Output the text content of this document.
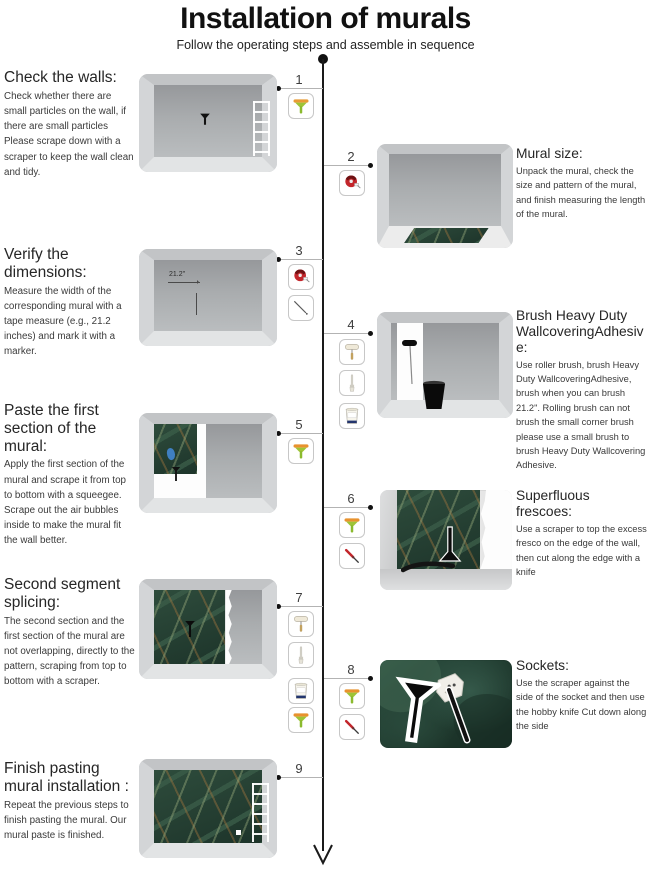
Installation of murals
Follow the operating steps and assemble in sequence
Check the walls:

Check whether there are small particles on the wall, if there are small particles Please scrape down with a scraper to keep the wall clean and tidy.

1
2	Mural size:

Unpack the mural, check the size and pattern of the mural, and finish measuring the length of the mural.

Verify the dimensions:

Measure the width of the corresponding mural with a tape measure (e.g., 21.2 inches) and mark it with a marker.

3
21.2"
4
Brush Heavy Duty WallcoveringAdhesive:

Use roller brush, brush Heavy Duty WallcoveringAdhesive, brush when you can brush 21.2". Rolling brush can not brush the small corner brush please use a small brush to brush Heavy Duty Wallcovering Adhesive.

Paste the first section of the mural:

Apply the first section of the mural and scrape it from top to bottom with a squeegee. Scrape out the air bubbles inside to make the mural fit the wall better.

5
6	Superfluous frescoes:

Use a scraper to top the excess fresco on the edge of the wall, then cut along the edge with a knife

Second segment splicing:

The second section and the first section of the mural are not overlapping, directly to the pattern, scraping from top to bottom with a scraper.

7
8	Sockets:

Use the scraper against the side of the socket and then use the hobby knife Cut down along the side

Finish pasting mural installation :

Repeat the previous steps to finish pasting the mural. Our mural paste is finished.

9
